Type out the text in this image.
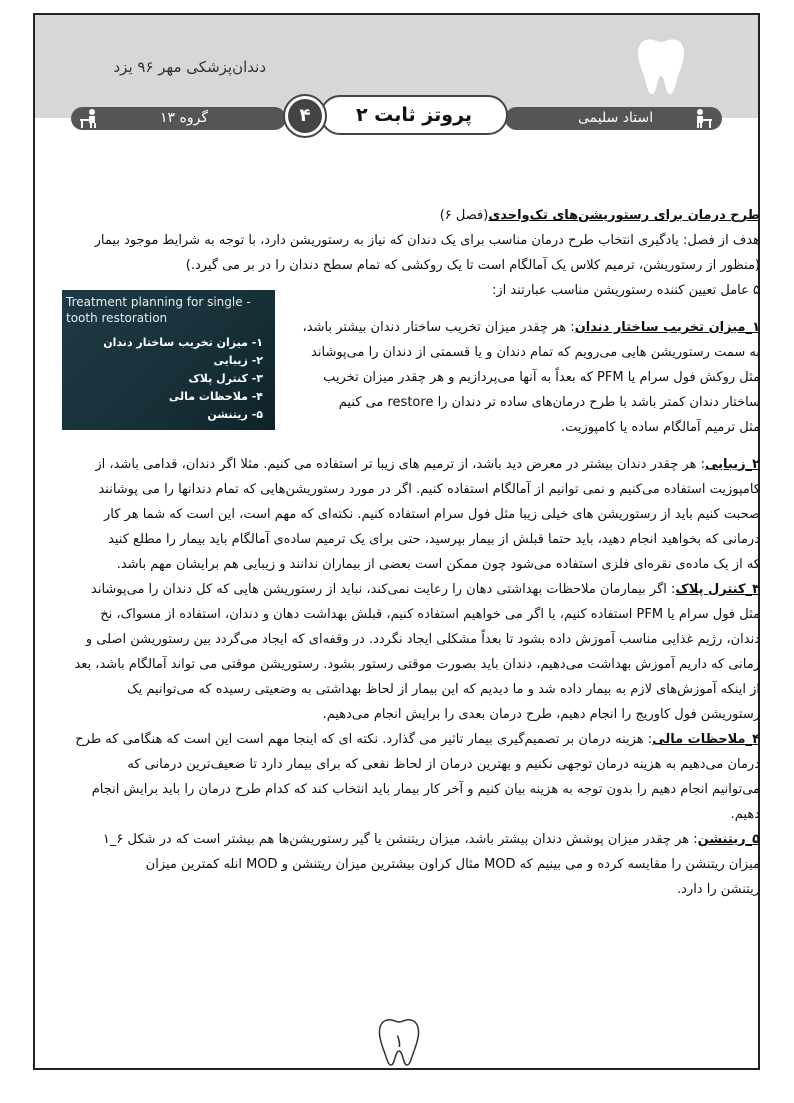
دندان‌پزشکی مهر ۹۶ یزد
گروه ۱۳	استاد سلیمی
پروتز ثابت ۲
۴
طرح درمان برای رستوریشن‌های تک‌واحدی(فصل ۶)
هدف از فصل: یادگیری انتخاب طرح درمان مناسب برای یک دندان که نیاز به رستوریشن دارد، با توجه به شرایط موجود بیمار
(منظور از رستوریشن، ترمیم کلاس یک آمالگام است تا یک روکشی که تمام سطح دندان را در بر می گیرد.)
۵ عامل تعیین کننده رستوریشن مناسب عبارتند از:
Treatment planning for single -tooth restoration
۱- میزان تخریب ساختار دندان
۲- زیبایی
۳- کنترل پلاک
۴- ملاحظات مالی
۵- ریتنشن
۱_میزان تخریب ساختار دندان: هر چقدر میزان تخریب ساختار دندان بیشتر باشد،
به سمت رستوریشن هایی می‌رویم که تمام دندان و یا قسمتی از دندان را می‌پوشاند
مثل روکش فول سرام یا PFM که بعداً به آنها می‌پردازیم و هر چقدر میزان تخریب
ساختار دندان کمتر باشد با طرح درمان‌های ساده تر دندان را restore می کنیم
مثل ترمیم آمالگام ساده یا کامپوزیت.
۲_زیبایی: هر چقدر دندان بیشتر در معرض دید باشد، از ترمیم های زیبا تر استفاده می کنیم. مثلا اگر دندان، قدامی باشد، از
کامپوزیت استفاده می‌کنیم و نمی توانیم از آمالگام استفاده کنیم. اگر در مورد رستوریشن‌هایی که تمام دندانها را می پوشانند
صحبت کنیم باید از رستوریشن های خیلی زیبا مثل فول سرام استفاده کنیم. نکته‌ای که مهم است، این است که شما هر کار
درمانی که بخواهید انجام دهید، باید حتما قبلش از بیمار بپرسید، حتی برای یک ترمیم ساده‌ی آمالگام باید بیمار را مطلع کنید
که از یک ماده‌ی نقره‌ای فلزی استفاده می‌شود چون ممکن است بعضی از بیماران ندانند و زیبایی هم برایشان مهم باشد.
۳_کنترل پلاک: اگر بیمارمان ملاحظات بهداشتی دهان را رعایت نمی‌کند، نباید از رستوریشن هایی که کل دندان را می‌پوشاند
مثل فول سرام یا PFM استفاده کنیم، یا اگر می خواهیم استفاده کنیم، قبلش بهداشت دهان و دندان، استفاده از مسواک، نخ
دندان، رژیم غذایی مناسب آموزش داده بشود تا بعداً مشکلی ایجاد نگردد. در وقفه‌ای که ایجاد می‌گردد بین رستوریشن اصلی و
زمانی که داریم آموزش بهداشت می‌دهیم، دندان باید بصورت موقتی رستور بشود. رستوریشن موقتی می تواند آمالگام باشد، بعد
از اینکه آموزش‌های لازم به بیمار داده شد و ما دیدیم که این بیمار از لحاظ بهداشتی به وضعیتی رسیده که می‌توانیم یک
رستوریشن فول کاوریج را انجام دهیم، طرح درمان بعدی را برایش انجام می‌دهیم.
۴_ملاحظات مالی: هزینه درمان بر تصمیم‌گیری بیمار تاثیر می گذارد. نکته ای که اینجا مهم است این است که هنگامی که طرح
درمان می‌دهیم به هزینه درمان توجهی نکنیم و بهترین درمان از لحاظ نفعی که برای بیمار دارد تا ضعیف‌ترین درمانی که
می‌توانیم انجام دهیم را بدون توجه به هزینه بیان کنیم و آخر کار بیمار باید انتخاب کند که کدام طرح درمان را باید برایش انجام
دهیم.
۵_ریتنشن: هر چقدر میزان پوشش دندان بیشتر باشد، میزان ریتنشن یا گیر رستوریشن‌ها هم بیشتر است که در شکل ۶_۱
میزان ریتنشن را مقایسه کرده و می بینیم که MOD مثال کراون بیشترین میزان ریتنشن و MOD انله کمترین میزان
ریتنشن را دارد.
۱
